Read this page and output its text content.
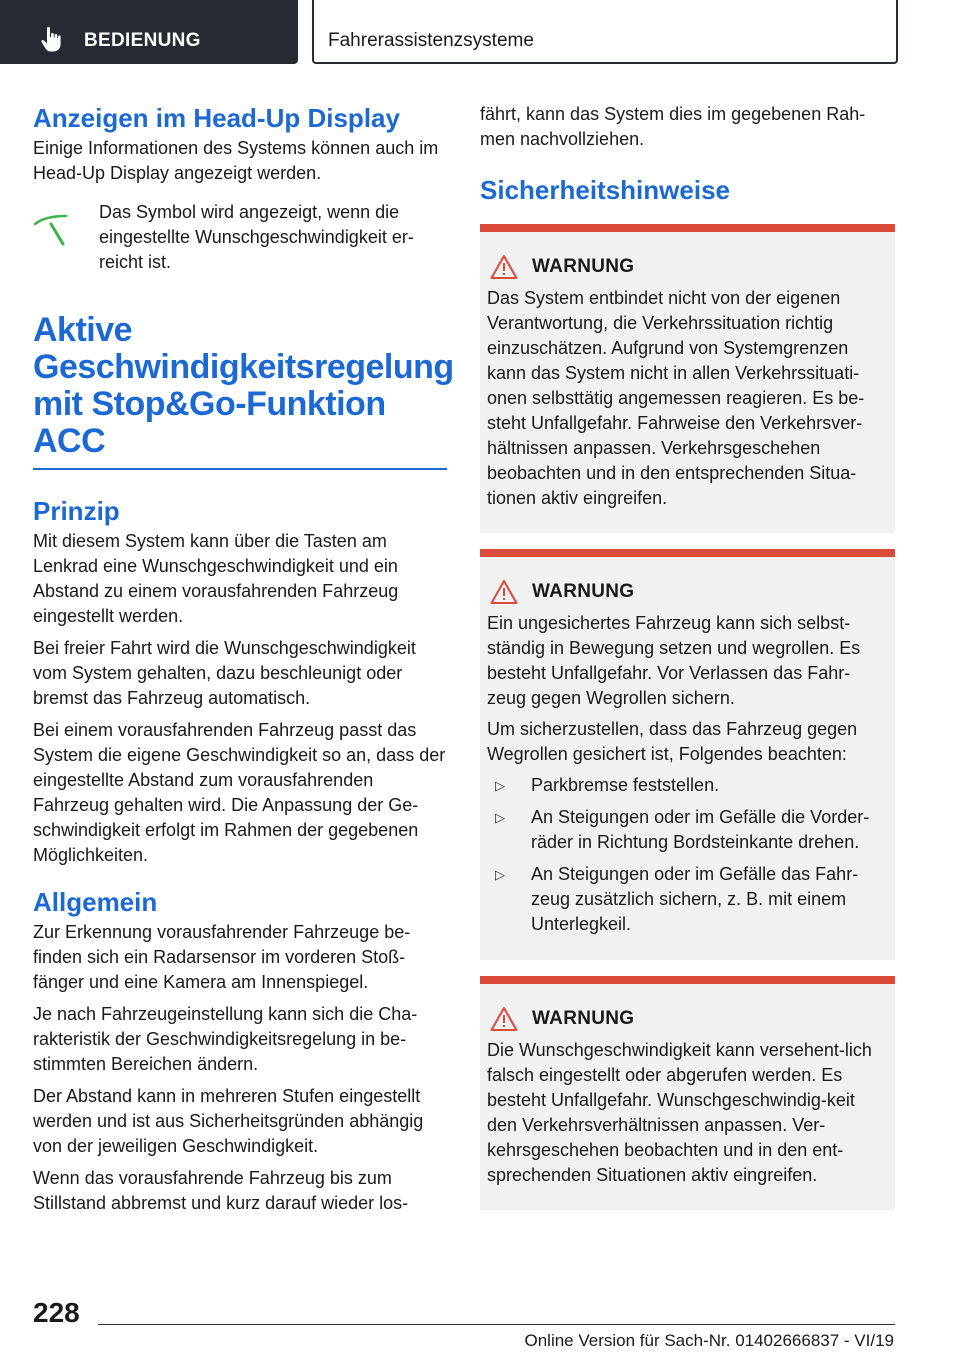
BEDIENUNG	Fahrerassistenzsysteme
Anzeigen im Head-Up Display

Einige Informationen des Systems können auch im Head-Up Display angezeigt werden.

Das Symbol wird angezeigt, wenn die eingestellte Wunschgeschwindigkeit er-reicht ist.
Aktive Geschwindigkeitsregelung mit Stop&Go-Funktion ACC
Prinzip

Mit diesem System kann über die Tasten am Lenkrad eine Wunschgeschwindigkeit und ein Abstand zu einem vorausfahrenden Fahrzeug eingestellt werden.

Bei freier Fahrt wird die Wunschgeschwindigkeit vom System gehalten, dazu beschleunigt oder bremst das Fahrzeug automatisch.

Bei einem vorausfahrenden Fahrzeug passt das System die eigene Geschwindigkeit so an, dass der eingestellte Abstand zum vorausfahrenden Fahrzeug gehalten wird. Die Anpassung der Ge-schwindigkeit erfolgt im Rahmen der gegebenen Möglichkeiten.

Allgemein

Zur Erkennung vorausfahrender Fahrzeuge be-finden sich ein Radarsensor im vorderen Stoß-fänger und eine Kamera am Innenspiegel.

Je nach Fahrzeugeinstellung kann sich die Cha-rakteristik der Geschwindigkeitsregelung in be-stimmten Bereichen ändern.

Der Abstand kann in mehreren Stufen eingestellt werden und ist aus Sicherheitsgründen abhängig von der jeweiligen Geschwindigkeit.

Wenn das vorausfahrende Fahrzeug bis zum Stillstand abbremst und kurz darauf wieder los-

fährt, kann das System dies im gegebenen Rah-men nachvollziehen.

Sicherheitshinweise
WARNUNG

Das System entbindet nicht von der eigenen Verantwortung, die Verkehrssituation richtig einzuschätzen. Aufgrund von Systemgrenzen kann das System nicht in allen Verkehrssituati-onen selbsttätig angemessen reagieren. Es be-steht Unfallgefahr. Fahrweise den Verkehrsver-hältnissen anpassen. Verkehrsgeschehen beobachten und in den entsprechenden Situa-tionen aktiv eingreifen.

WARNUNG

Ein ungesichertes Fahrzeug kann sich selbst-ständig in Bewegung setzen und wegrollen. Es besteht Unfallgefahr. Vor Verlassen das Fahr-zeug gegen Wegrollen sichern.

Um sicherzustellen, dass das Fahrzeug gegen Wegrollen gesichert ist, Folgendes beachten:

▷	Parkbremse feststellen.
▷	An Steigungen oder im Gefälle die Vorder-räder in Richtung Bordsteinkante drehen.
▷	An Steigungen oder im Gefälle das Fahr-zeug zusätzlich sichern, z. B. mit einem Unterlegkeil.
WARNUNG

Die Wunschgeschwindigkeit kann versehent-lich falsch eingestellt oder abgerufen werden. Es besteht Unfallgefahr. Wunschgeschwindig-keit den Verkehrsverhältnissen anpassen. Ver-kehrsgeschehen beobachten und in den ent-sprechenden Situationen aktiv eingreifen.

228
Online Version für Sach-Nr. 01402666837 - VI/19
